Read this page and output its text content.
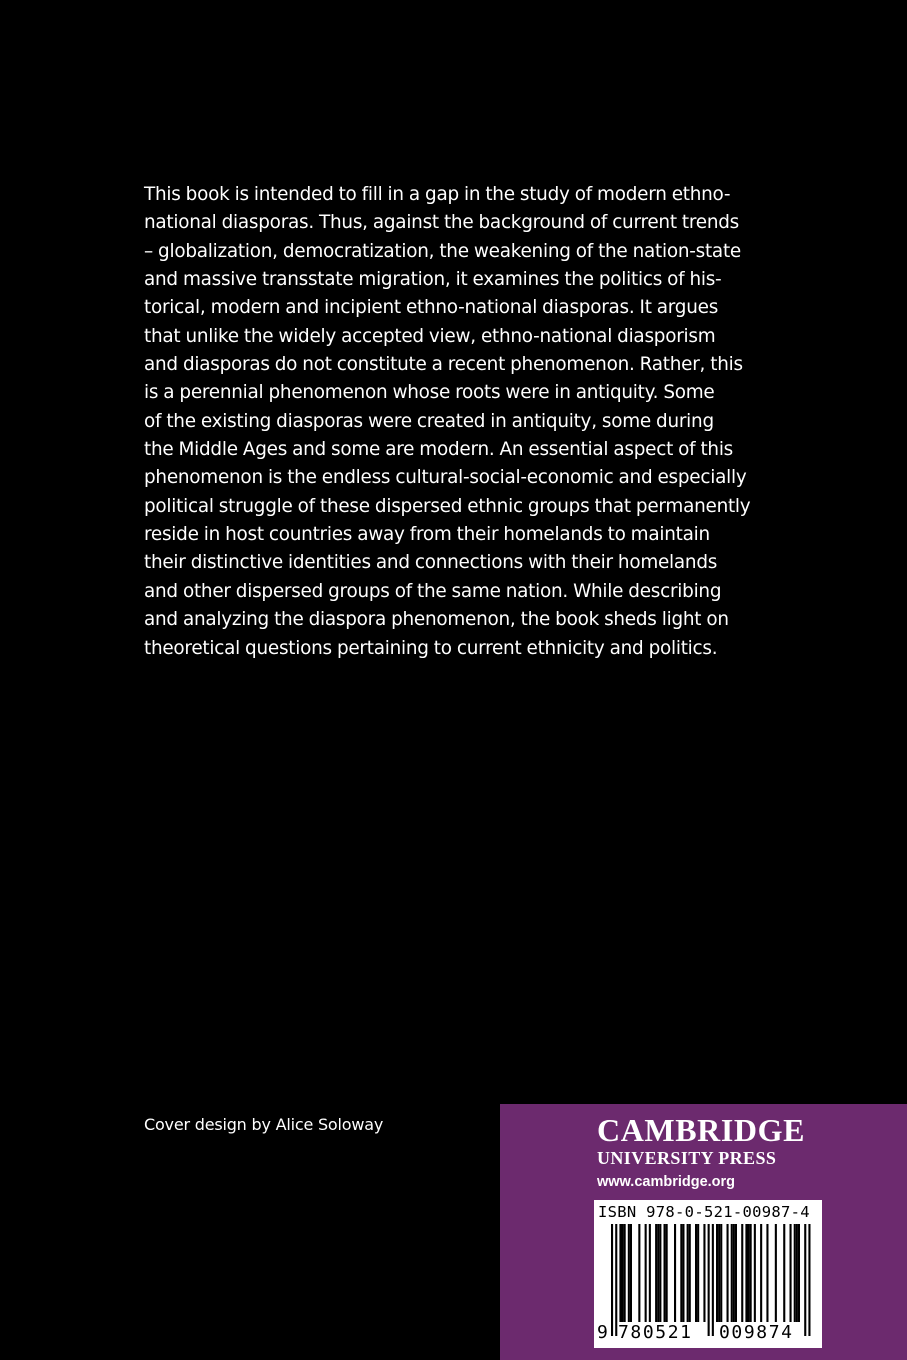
This book is intended to fill in a gap in the study of modern ethno-
national diasporas. Thus, against the background of current trends
– globalization, democratization, the weakening of the nation-state
and massive transstate migration, it examines the politics of his-
torical, modern and incipient ethno-national diasporas. It argues
that unlike the widely accepted view, ethno-national diasporism
and diasporas do not constitute a recent phenomenon. Rather, this
is a perennial phenomenon whose roots were in antiquity. Some
of the existing diasporas were created in antiquity, some during
the Middle Ages and some are modern. An essential aspect of this
phenomenon is the endless cultural-social-economic and especially
political struggle of these dispersed ethnic groups that permanently
reside in host countries away from their homelands to maintain
their distinctive identities and connections with their homelands
and other dispersed groups of the same nation. While describing
and analyzing the diaspora phenomenon, the book sheds light on
theoretical questions pertaining to current ethnicity and politics.
Cover design by Alice Soloway	CAMBRIDGE
UNIVERSITY PRESS
www.cambridge.org
ISBN 978-0-521-00987-4
9 780521 009874
